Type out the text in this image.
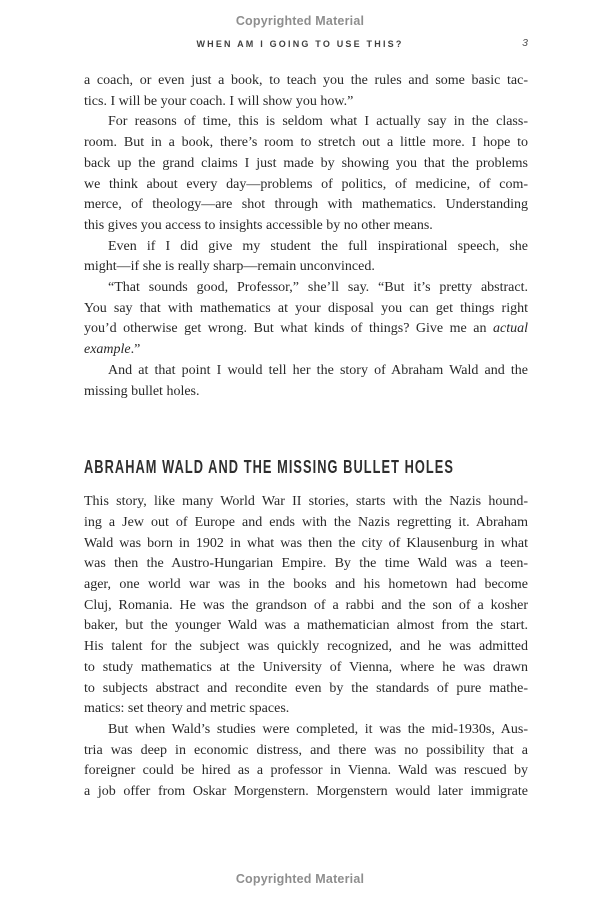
Copyrighted Material
WHEN AM I GOING TO USE THIS?	3
a coach, or even just a book, to teach you the rules and some basic tac-
tics. I will be your coach. I will show you how.”
For reasons of time, this is seldom what I actually say in the class-
room. But in a book, there’s room to stretch out a little more. I hope to
back up the grand claims I just made by showing you that the problems
we think about every day—problems of politics, of medicine, of com-
merce, of theology—are shot through with mathematics. Understanding
this gives you access to insights accessible by no other means.
Even if I did give my student the full inspirational speech, she
might—if she is really sharp—remain unconvinced.
“That sounds good, Professor,” she’ll say. “But it’s pretty abstract.
You say that with mathematics at your disposal you can get things right
you’d otherwise get wrong. But what kinds of things? Give me an actual
example.”
And at that point I would tell her the story of Abraham Wald and the
missing bullet holes.
ABRAHAM WALD AND THE MISSING BULLET HOLES
This story, like many World War II stories, starts with the Nazis hound-
ing a Jew out of Europe and ends with the Nazis regretting it. Abraham
Wald was born in 1902 in what was then the city of Klausenburg in what
was then the Austro-Hungarian Empire. By the time Wald was a teen-
ager, one world war was in the books and his hometown had become
Cluj, Romania. He was the grandson of a rabbi and the son of a kosher
baker, but the younger Wald was a mathematician almost from the start.
His talent for the subject was quickly recognized, and he was admitted
to study mathematics at the University of Vienna, where he was drawn
to subjects abstract and recondite even by the standards of pure mathe-
matics: set theory and metric spaces.
But when Wald’s studies were completed, it was the mid-1930s, Aus-
tria was deep in economic distress, and there was no possibility that a
foreigner could be hired as a professor in Vienna. Wald was rescued by
a job offer from Oskar Morgenstern. Morgenstern would later immigrate
Copyrighted Material
